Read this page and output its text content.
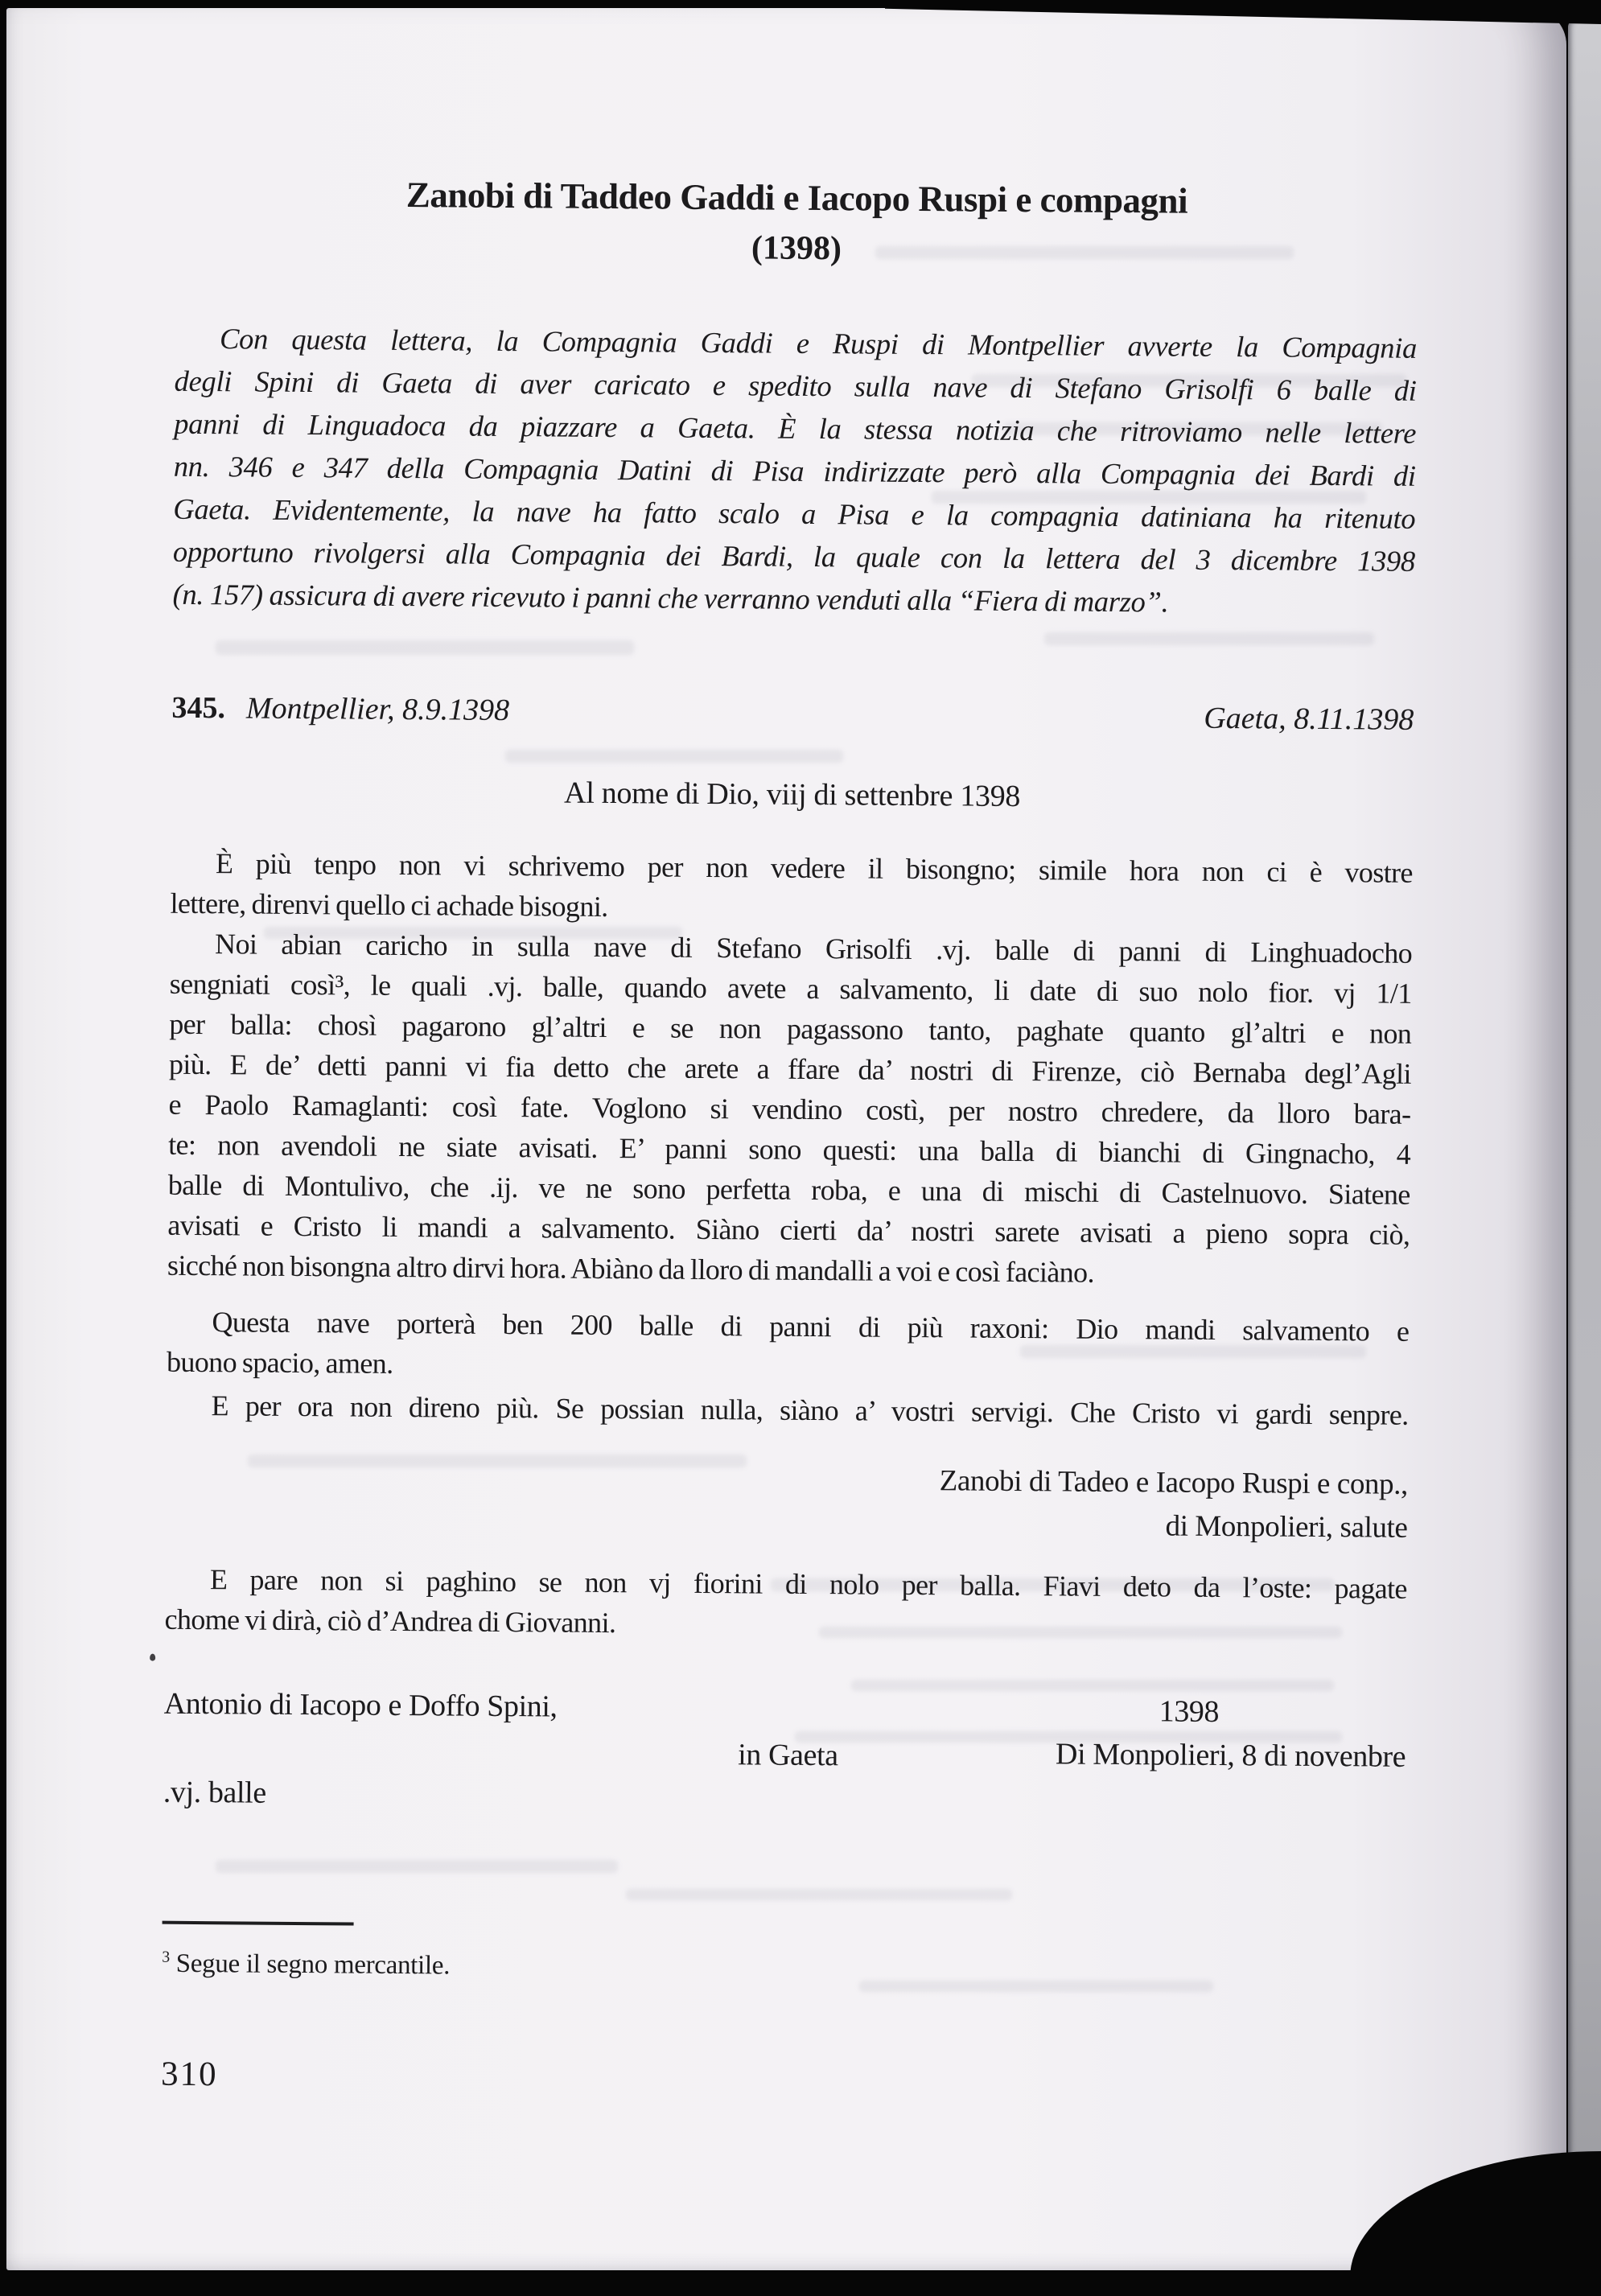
Zanobi di Taddeo Gaddi e Iacopo Ruspi e compagni
(1398)
Con questa lettera, la Compagnia Gaddi e Ruspi di Montpellier avverte la Compagnia
degli Spini di Gaeta di aver caricato e spedito sulla nave di Stefano Grisolfi 6 balle di
panni di Linguadoca da piazzare a Gaeta. È la stessa notizia che ritroviamo nelle lettere
nn. 346 e 347 della Compagnia Datini di Pisa indirizzate però alla Compagnia dei Bardi di
Gaeta. Evidentemente, la nave ha fatto scalo a Pisa e la compagnia datiniana ha ritenuto
opportuno rivolgersi alla Compagnia dei Bardi, la quale con la lettera del 3 dicembre 1398
(n. 157) assicura di avere ricevuto i panni che verranno venduti alla “Fiera di marzo”.
345. Montpellier, 8.9.1398	Gaeta, 8.11.1398
Al nome di Dio, viij di settenbre 1398
È più tenpo non vi schrivemo per non vedere il bisongno; simile hora non ci è vostre
lettere, direnvi quello ci achade bisogni.
Noi abian caricho in sulla nave di Stefano Grisolfi .vj. balle di panni di Linghuadocho
sengniati così³, le quali .vj. balle, quando avete a salvamento, li date di suo nolo fior. vj 1/1
per balla: chosì pagarono gl’altri e se non pagassono tanto, paghate quanto gl’altri e non
più. E de’ detti panni vi fia detto che arete a ffare da’ nostri di Firenze, ciò Bernaba degl’Agli
e Paolo Ramaglanti: così fate. Voglono si vendino costì, per nostro chredere, da lloro bara-
te: non avendoli ne siate avisati. E’ panni sono questi: una balla di bianchi di Gingnacho, 4
balle di Montulivo, che .ij. ve ne sono perfetta roba, e una di mischi di Castelnuovo. Siatene
avisati e Cristo li mandi a salvamento. Siàno cierti da’ nostri sarete avisati a pieno sopra ciò,
sicché non bisongna altro dirvi hora. Abiàno da lloro di mandalli a voi e così faciàno.
Questa nave porterà ben 200 balle di panni di più raxoni: Dio mandi salvamento e
buono spacio, amen.
E per ora non direno più. Se possian nulla, siàno a’ vostri servigi. Che Cristo vi gardi senpre.
Zanobi di Tadeo e Iacopo Ruspi e conp.,
di Monpolieri, salute
E pare non si paghino se non vj fiorini di nolo per balla. Fiavi deto da l’oste: pagate
chome vi dirà, ciò d’Andrea di Giovanni.
Antonio di Iacopo e Doffo Spini,	1398
Di Monpolieri, 8 di novenbre
in Gaeta
.vj. balle
$^3$ Segue il segno mercantile.
310
